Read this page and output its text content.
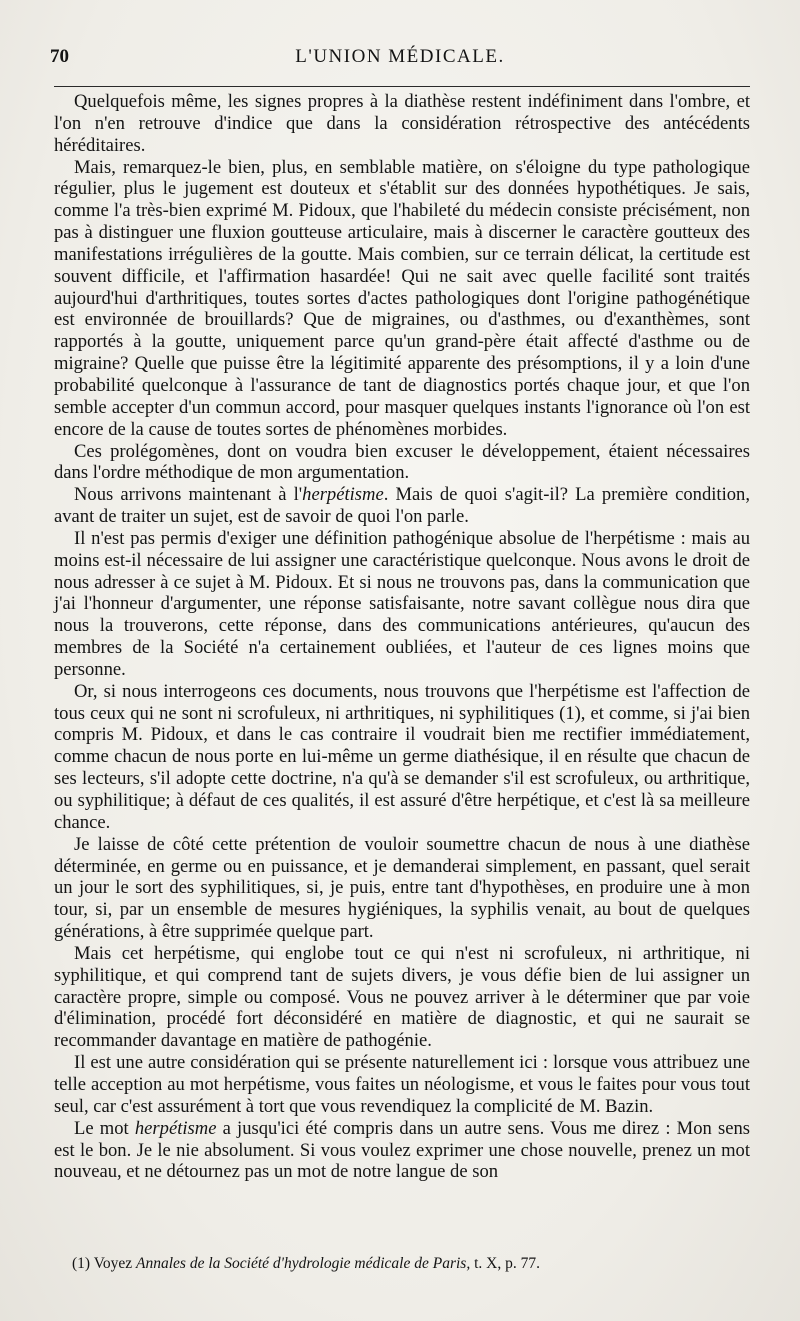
70	L'UNION MÉDICALE.

Quelquefois même, les signes propres à la diathèse restent indéfiniment dans l'ombre, et l'on n'en retrouve d'indice que dans la considération rétrospective des antécédents héréditaires.

Mais, remarquez-le bien, plus, en semblable matière, on s'éloigne du type pathologique régulier, plus le jugement est douteux et s'établit sur des données hypothétiques. Je sais, comme l'a très-bien exprimé M. Pidoux, que l'habileté du médecin consiste précisément, non pas à distinguer une fluxion goutteuse articulaire, mais à discerner le caractère goutteux des manifestations irrégulières de la goutte. Mais combien, sur ce terrain délicat, la certitude est souvent difficile, et l'affirmation hasardée! Qui ne sait avec quelle facilité sont traités aujourd'hui d'arthritiques, toutes sortes d'actes pathologiques dont l'origine pathogénétique est environnée de brouillards? Que de migraines, ou d'asthmes, ou d'exanthèmes, sont rapportés à la goutte, uniquement parce qu'un grand-père était affecté d'asthme ou de migraine? Quelle que puisse être la légitimité apparente des présomptions, il y a loin d'une probabilité quelconque à l'assurance de tant de diagnostics portés chaque jour, et que l'on semble accepter d'un commun accord, pour masquer quelques instants l'ignorance où l'on est encore de la cause de toutes sortes de phénomènes morbides.

Ces prolégomènes, dont on voudra bien excuser le développement, étaient nécessaires dans l'ordre méthodique de mon argumentation.

Nous arrivons maintenant à l'herpétisme. Mais de quoi s'agit-il? La première condition, avant de traiter un sujet, est de savoir de quoi l'on parle.

Il n'est pas permis d'exiger une définition pathogénique absolue de l'herpétisme : mais au moins est-il nécessaire de lui assigner une caractéristique quelconque. Nous avons le droit de nous adresser à ce sujet à M. Pidoux. Et si nous ne trouvons pas, dans la communication que j'ai l'honneur d'argumenter, une réponse satisfaisante, notre savant collègue nous dira que nous la trouverons, cette réponse, dans des communications antérieures, qu'aucun des membres de la Société n'a certainement oubliées, et l'auteur de ces lignes moins que personne.

Or, si nous interrogeons ces documents, nous trouvons que l'herpétisme est l'affection de tous ceux qui ne sont ni scrofuleux, ni arthritiques, ni syphilitiques (1), et comme, si j'ai bien compris M. Pidoux, et dans le cas contraire il voudrait bien me rectifier immédiatement, comme chacun de nous porte en lui-même un germe diathésique, il en résulte que chacun de ses lecteurs, s'il adopte cette doctrine, n'a qu'à se demander s'il est scrofuleux, ou arthritique, ou syphilitique; à défaut de ces qualités, il est assuré d'être herpétique, et c'est là sa meilleure chance.

Je laisse de côté cette prétention de vouloir soumettre chacun de nous à une diathèse déterminée, en germe ou en puissance, et je demanderai simplement, en passant, quel serait un jour le sort des syphilitiques, si, je puis, entre tant d'hypothèses, en produire une à mon tour, si, par un ensemble de mesures hygiéniques, la syphilis venait, au bout de quelques générations, à être supprimée quelque part.

Mais cet herpétisme, qui englobe tout ce qui n'est ni scrofuleux, ni arthritique, ni syphilitique, et qui comprend tant de sujets divers, je vous défie bien de lui assigner un caractère propre, simple ou composé. Vous ne pouvez arriver à le déterminer que par voie d'élimination, procédé fort déconsidéré en matière de diagnostic, et qui ne saurait se recommander davantage en matière de pathogénie.

Il est une autre considération qui se présente naturellement ici : lorsque vous attribuez une telle acception au mot herpétisme, vous faites un néologisme, et vous le faites pour vous tout seul, car c'est assurément à tort que vous revendiquez la complicité de M. Bazin.

Le mot herpétisme a jusqu'ici été compris dans un autre sens. Vous me direz : Mon sens est le bon. Je le nie absolument. Si vous voulez exprimer une chose nouvelle, prenez un mot nouveau, et ne détournez pas un mot de notre langue de son

(1) Voyez Annales de la Société d'hydrologie médicale de Paris, t. X, p. 77.
